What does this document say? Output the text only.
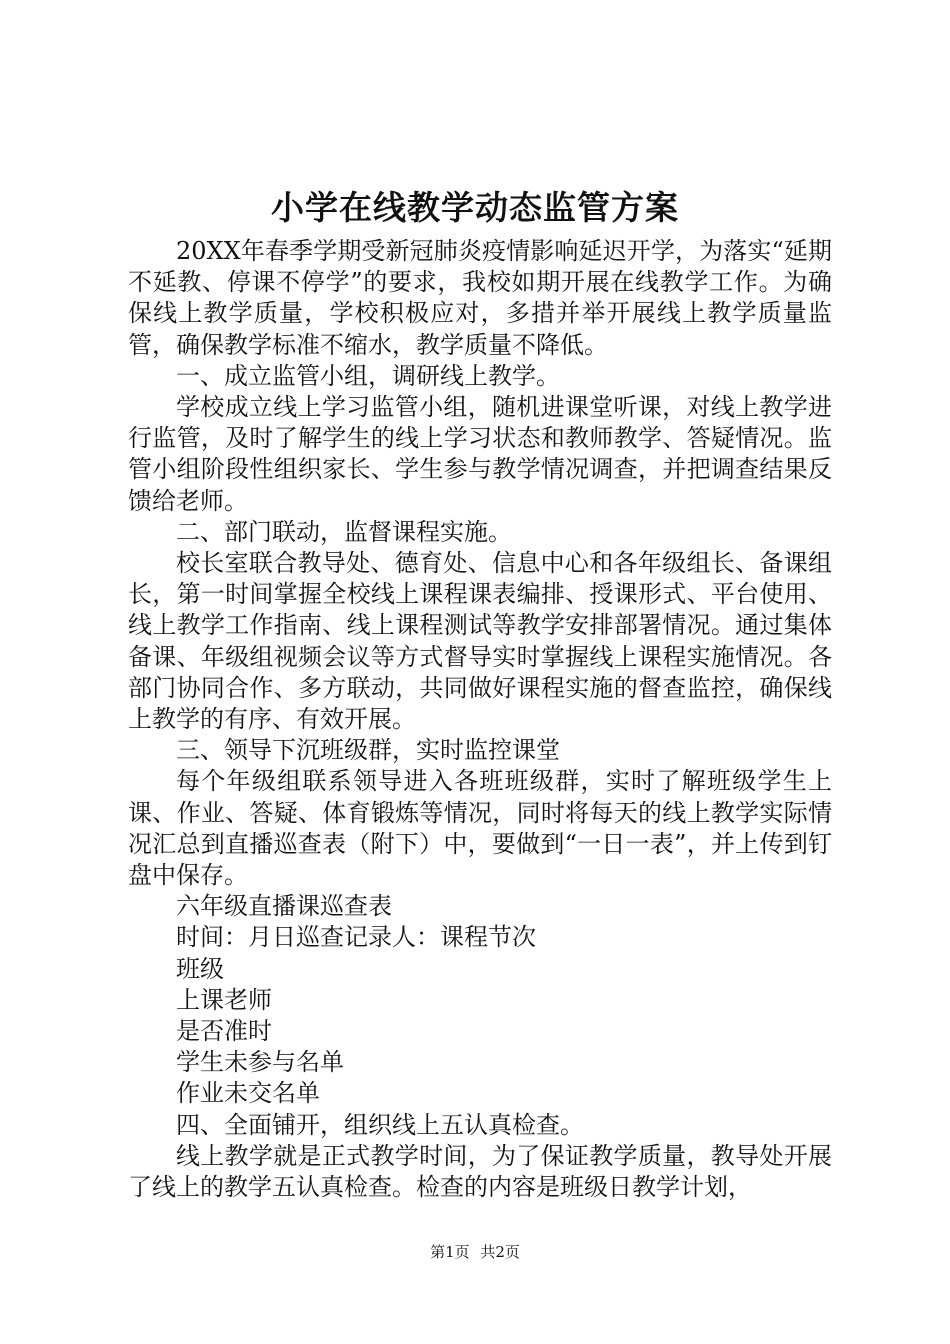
小学在线教学动态监管方案

20XX年春季学期受新冠肺炎疫情影响延迟开学，为落实“延期不延教、停课不停学”的要求，我校如期开展在线教学工作。为确保线上教学质量，学校积极应对，多措并举开展线上教学质量监管，确保教学标准不缩水，教学质量不降低。

一、成立监管小组，调研线上教学。

学校成立线上学习监管小组，随机进课堂听课，对线上教学进行监管，及时了解学生的线上学习状态和教师教学、答疑情况。监管小组阶段性组织家长、学生参与教学情况调查，并把调查结果反馈给老师。

二、部门联动，监督课程实施。

校长室联合教导处、德育处、信息中心和各年级组长、备课组长，第一时间掌握全校线上课程课表编排、授课形式、平台使用、线上教学工作指南、线上课程测试等教学安排部署情况。通过集体备课、年级组视频会议等方式督导实时掌握线上课程实施情况。各部门协同合作、多方联动，共同做好课程实施的督查监控，确保线上教学的有序、有效开展。

三、领导下沉班级群，实时监控课堂

每个年级组联系领导进入各班班级群，实时了解班级学生上课、作业、答疑、体育锻炼等情况，同时将每天的线上教学实际情况汇总到直播巡查表（附下）中，要做到“一日一表”，并上传到钉盘中保存。

六年级直播课巡查表

时间：月日巡查记录人：课程节次

班级

上课老师

是否准时

学生未参与名单

作业未交名单

四、全面铺开，组织线上五认真检查。

线上教学就是正式教学时间，为了保证教学质量，教导处开展了线上的教学五认真检查。检查的内容是班级日教学计划，

第1页 共2页
